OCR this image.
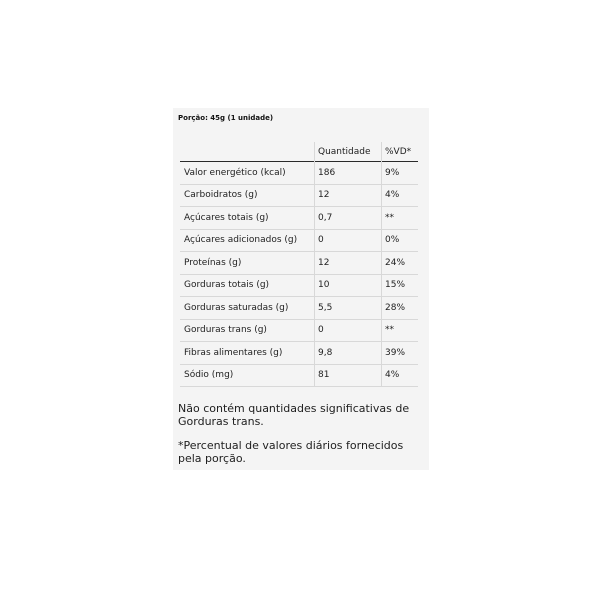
Porção: 45g (1 unidade)
Quantidade %VD*
Valor energético (kcal)	186	9%
Carboidratos (g)	12	4%
Açúcares totais (g)	0,7	**
Açúcares adicionados (g) 0	0%
Proteínas (g)	12	24%
Gorduras totais (g)	10	15%
Gorduras saturadas (g)	5,5	28%
Gorduras trans (g)	0	**
Fibras alimentares (g)	9,8	39%
Sódio (mg)	81	4%

Não contém quantidades significativas de Gorduras trans.

*Percentual de valores diários fornecidos pela porção.
